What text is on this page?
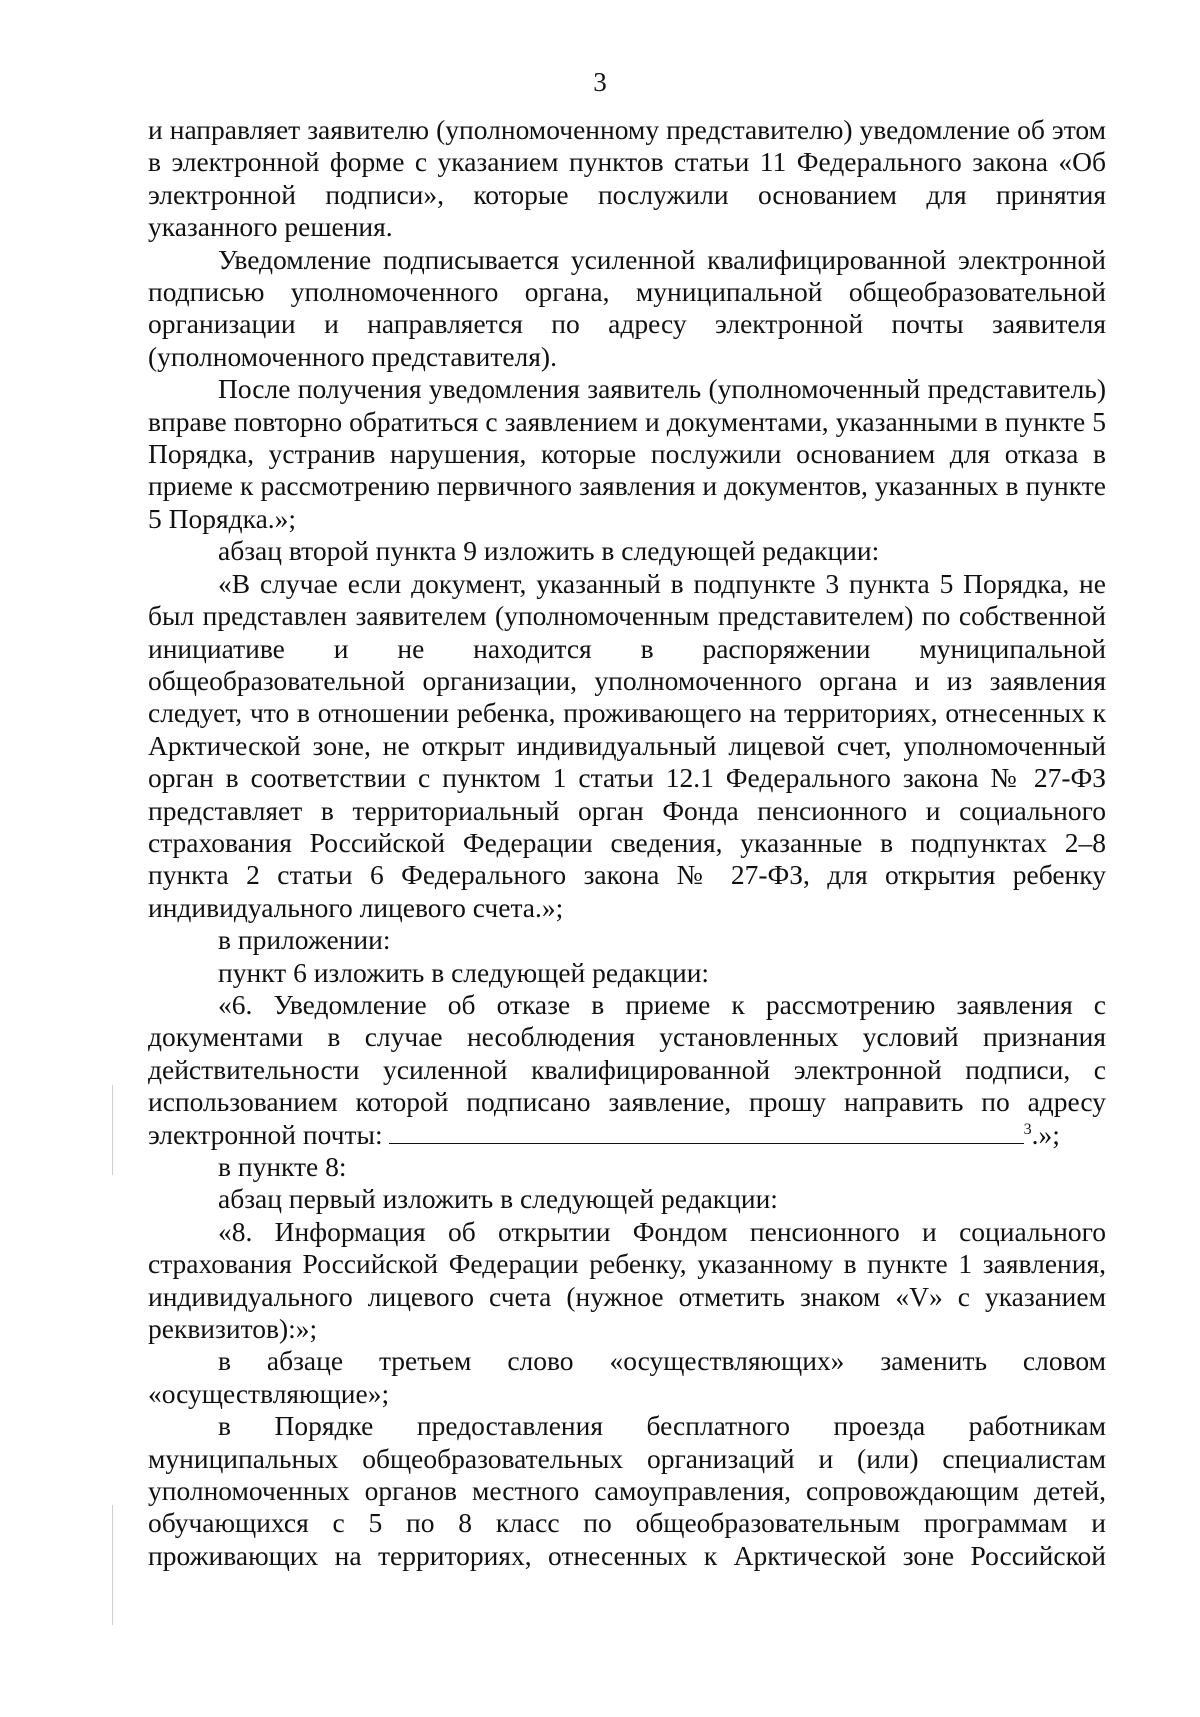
3

и направляет заявителю (уполномоченному представителю) уведомление об этом в электронной форме с указанием пунктов статьи 11 Федерального закона «Об электронной подписи», которые послужили основанием для принятия указанного решения.

Уведомление подписывается усиленной квалифицированной электронной подписью уполномоченного органа, муниципальной общеобразовательной организации и направляется по адресу электронной почты заявителя (уполномоченного представителя).

После получения уведомления заявитель (уполномоченный представитель) вправе повторно обратиться с заявлением и документами, указанными в пункте 5 Порядка, устранив нарушения, которые послужили основанием для отказа в приеме к рассмотрению первичного заявления и документов, указанных в пункте 5 Порядка.»;

абзац второй пункта 9 изложить в следующей редакции:

«В случае если документ, указанный в подпункте 3 пункта 5 Порядка, не был представлен заявителем (уполномоченным представителем) по собственной инициативе и не находится в распоряжении муниципальной общеобразовательной организации, уполномоченного органа и из заявления следует, что в отношении ребенка, проживающего на территориях, отнесенных к Арктической зоне, не открыт индивидуальный лицевой счет, уполномоченный орган в соответствии с пунктом 1 статьи 12.1 Федерального закона № 27-ФЗ представляет в территориальный орган Фонда пенсионного и социального страхования Российской Федерации сведения, указанные в подпунктах 2–8 пункта 2 статьи 6 Федерального закона № 27-ФЗ, для открытия ребенку индивидуального лицевого счета.»;

в приложении:

пункт 6 изложить в следующей редакции:

«6. Уведомление об отказе в приеме к рассмотрению заявления с документами в случае несоблюдения установленных условий признания действительности усиленной квалифицированной электронной подписи, с использованием которой подписано заявление, прошу направить по адресу

электронной почты:	$^3$.»;

в пункте 8:

абзац первый изложить в следующей редакции:

«8. Информация об открытии Фондом пенсионного и социального страхования Российской Федерации ребенку, указанному в пункте 1 заявления, индивидуального лицевого счета (нужное отметить знаком «V» с указанием реквизитов):»;

в абзаце третьем слово «осуществляющих» заменить словом «осуществляющие»;

в Порядке предоставления бесплатного проезда работникам муниципальных общеобразовательных организаций и (или) специалистам уполномоченных органов местного самоуправления, сопровождающим детей, обучающихся с 5 по 8 класс по общеобразовательным программам и проживающих на территориях, отнесенных к Арктической зоне Российской
